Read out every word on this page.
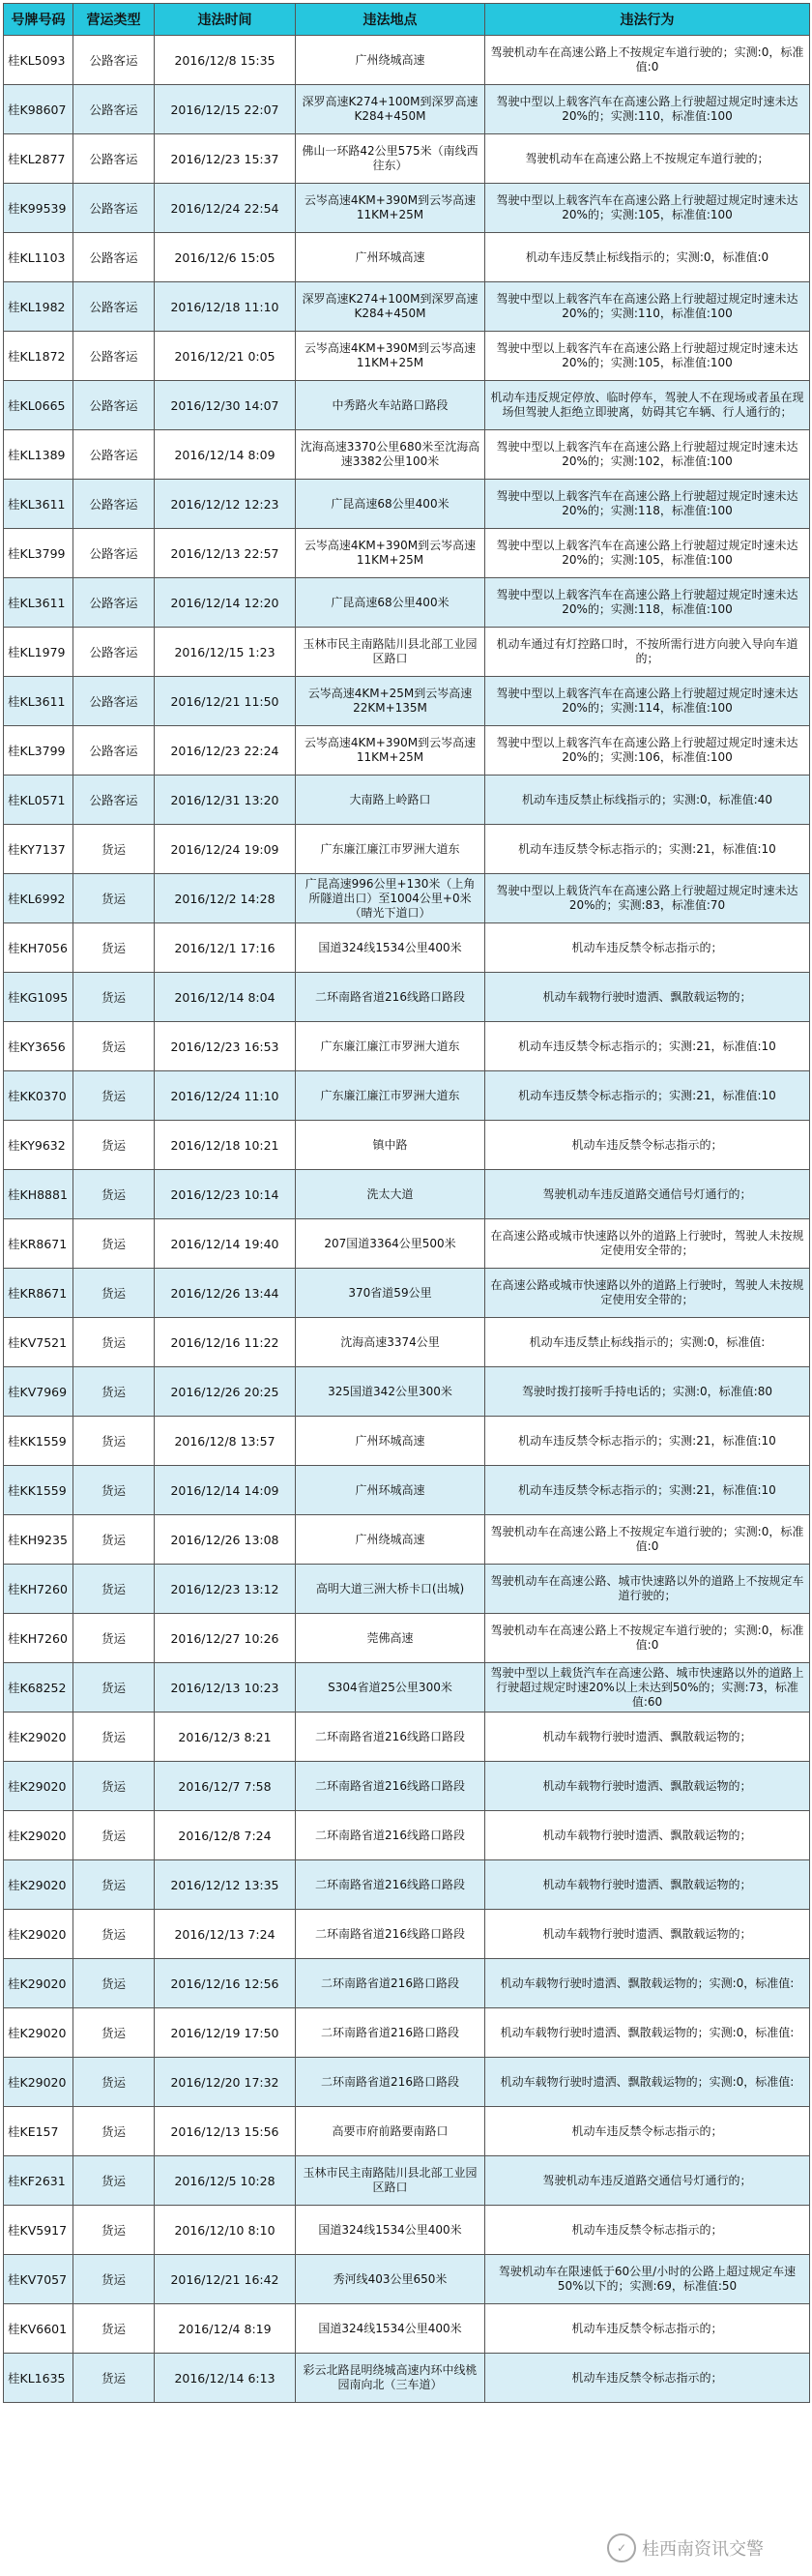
号牌号码	营运类型	违法时间	违法地点	违法行为
桂KL5093	公路客运	2016/12/8 15:35	广州绕城高速	驾驶机动车在高速公路上不按规定车道行驶的；实测:0，标准值:0
桂K98607	公路客运	2016/12/15 22:07	深罗高速K274+100M到深罗高速K284+450M	驾驶中型以上载客汽车在高速公路上行驶超过规定时速未达20%的；实测:110，标准值:100
桂KL2877	公路客运	2016/12/23 15:37	佛山一环路42公里575米（南线西往东）	驾驶机动车在高速公路上不按规定车道行驶的；
桂K99539	公路客运	2016/12/24 22:54	云岑高速4KM+390M到云岑高速11KM+25M	驾驶中型以上载客汽车在高速公路上行驶超过规定时速未达20%的；实测:105，标准值:100
桂KL1103	公路客运	2016/12/6 15:05	广州环城高速	机动车违反禁止标线指示的；实测:0，标准值:0
桂KL1982	公路客运	2016/12/18 11:10	深罗高速K274+100M到深罗高速K284+450M	驾驶中型以上载客汽车在高速公路上行驶超过规定时速未达20%的；实测:110，标准值:100
桂KL1872	公路客运	2016/12/21 0:05	云岑高速4KM+390M到云岑高速11KM+25M	驾驶中型以上载客汽车在高速公路上行驶超过规定时速未达20%的；实测:105，标准值:100
桂KL0665	公路客运	2016/12/30 14:07	中秀路火车站路口路段	机动车违反规定停放、临时停车，驾驶人不在现场或者虽在现场但驾驶人拒绝立即驶离，妨碍其它车辆、行人通行的；
桂KL1389	公路客运	2016/12/14 8:09	沈海高速3370公里680米至沈海高速3382公里100米	驾驶中型以上载客汽车在高速公路上行驶超过规定时速未达20%的；实测:102，标准值:100
桂KL3611	公路客运	2016/12/12 12:23	广昆高速68公里400米	驾驶中型以上载客汽车在高速公路上行驶超过规定时速未达20%的；实测:118，标准值:100
桂KL3799	公路客运	2016/12/13 22:57	云岑高速4KM+390M到云岑高速11KM+25M	驾驶中型以上载客汽车在高速公路上行驶超过规定时速未达20%的；实测:105，标准值:100
桂KL3611	公路客运	2016/12/14 12:20	广昆高速68公里400米	驾驶中型以上载客汽车在高速公路上行驶超过规定时速未达20%的；实测:118，标准值:100
桂KL1979	公路客运	2016/12/15 1:23	玉林市民主南路陆川县北部工业园区路口	机动车通过有灯控路口时，不按所需行进方向驶入导向车道的；
桂KL3611	公路客运	2016/12/21 11:50	云岑高速4KM+25M到云岑高速22KM+135M	驾驶中型以上载客汽车在高速公路上行驶超过规定时速未达20%的；实测:114，标准值:100
桂KL3799	公路客运	2016/12/23 22:24	云岑高速4KM+390M到云岑高速11KM+25M	驾驶中型以上载客汽车在高速公路上行驶超过规定时速未达20%的；实测:106，标准值:100
桂KL0571	公路客运	2016/12/31 13:20	大南路上岭路口	机动车违反禁止标线指示的；实测:0，标准值:40
桂KY7137	货运	2016/12/24 19:09	广东廉江廉江市罗洲大道东	机动车违反禁令标志指示的；实测:21，标准值:10
桂KL6992	货运	2016/12/2 14:28	广昆高速996公里+130米（上角所隧道出口）至1004公里+0米（晴光下道口）	驾驶中型以上载货汽车在高速公路上行驶超过规定时速未达20%的；实测:83，标准值:70
桂KH7056	货运	2016/12/1 17:16	国道324线1534公里400米	机动车违反禁令标志指示的；
桂KG1095	货运	2016/12/14 8:04	二环南路省道216线路口路段	机动车载物行驶时遗洒、飘散载运物的；
桂KY3656	货运	2016/12/23 16:53	广东廉江廉江市罗洲大道东	机动车违反禁令标志指示的；实测:21，标准值:10
桂KK0370	货运	2016/12/24 11:10	广东廉江廉江市罗洲大道东	机动车违反禁令标志指示的；实测:21，标准值:10
桂KY9632	货运	2016/12/18 10:21	镇中路	机动车违反禁令标志指示的；
桂KH8881	货运	2016/12/23 10:14	洗太大道	驾驶机动车违反道路交通信号灯通行的；
桂KR8671	货运	2016/12/14 19:40	207国道3364公里500米	在高速公路或城市快速路以外的道路上行驶时，驾驶人未按规定使用安全带的；
桂KR8671	货运	2016/12/26 13:44	370省道59公里	在高速公路或城市快速路以外的道路上行驶时，驾驶人未按规定使用安全带的；
桂KV7521	货运	2016/12/16 11:22	沈海高速3374公里	机动车违反禁止标线指示的；实测:0，标准值:
桂KV7969	货运	2016/12/26 20:25	325国道342公里300米	驾驶时拨打接听手持电话的；实测:0，标准值:80
桂KK1559	货运	2016/12/8 13:57	广州环城高速	机动车违反禁令标志指示的；实测:21，标准值:10
桂KK1559	货运	2016/12/14 14:09	广州环城高速	机动车违反禁令标志指示的；实测:21，标准值:10
桂KH9235	货运	2016/12/26 13:08	广州绕城高速	驾驶机动车在高速公路上不按规定车道行驶的；实测:0，标准值:0
桂KH7260	货运	2016/12/23 13:12	高明大道三洲大桥卡口(出城)	驾驶机动车在高速公路、城市快速路以外的道路上不按规定车道行驶的；
桂KH7260	货运	2016/12/27 10:26	莞佛高速	驾驶机动车在高速公路上不按规定车道行驶的；实测:0，标准值:0
桂K68252	货运	2016/12/13 10:23	S304省道25公里300米	驾驶中型以上载货汽车在高速公路、城市快速路以外的道路上行驶超过规定时速20%以上未达到50%的；实测:73，标准值:60
桂K29020	货运	2016/12/3 8:21	二环南路省道216线路口路段	机动车载物行驶时遗洒、飘散载运物的；
桂K29020	货运	2016/12/7 7:58	二环南路省道216线路口路段	机动车载物行驶时遗洒、飘散载运物的；
桂K29020	货运	2016/12/8 7:24	二环南路省道216线路口路段	机动车载物行驶时遗洒、飘散载运物的；
桂K29020	货运	2016/12/12 13:35	二环南路省道216线路口路段	机动车载物行驶时遗洒、飘散载运物的；
桂K29020	货运	2016/12/13 7:24	二环南路省道216线路口路段	机动车载物行驶时遗洒、飘散载运物的；
桂K29020	货运	2016/12/16 12:56	二环南路省道216路口路段	机动车载物行驶时遗洒、飘散载运物的；实测:0，标准值:
桂K29020	货运	2016/12/19 17:50	二环南路省道216路口路段	机动车载物行驶时遗洒、飘散载运物的；实测:0，标准值:
桂K29020	货运	2016/12/20 17:32	二环南路省道216路口路段	机动车载物行驶时遗洒、飘散载运物的；实测:0，标准值:
桂KE157	货运	2016/12/13 15:56	高要市府前路要南路口	机动车违反禁令标志指示的；
桂KF2631	货运	2016/12/5 10:28	玉林市民主南路陆川县北部工业园区路口	驾驶机动车违反道路交通信号灯通行的；
桂KV5917	货运	2016/12/10 8:10	国道324线1534公里400米	机动车违反禁令标志指示的；
桂KV7057	货运	2016/12/21 16:42	秀河线403公里650米	驾驶机动车在限速低于60公里/小时的公路上超过规定车速50%以下的；实测:69，标准值:50
桂KV6601	货运	2016/12/4 8:19	国道324线1534公里400米	机动车违反禁令标志指示的；
桂KL1635	货运	2016/12/14 6:13	彩云北路昆明绕城高速内环中线桃园南向北（三车道）	机动车违反禁令标志指示的；
✓ 桂西南资讯交警
